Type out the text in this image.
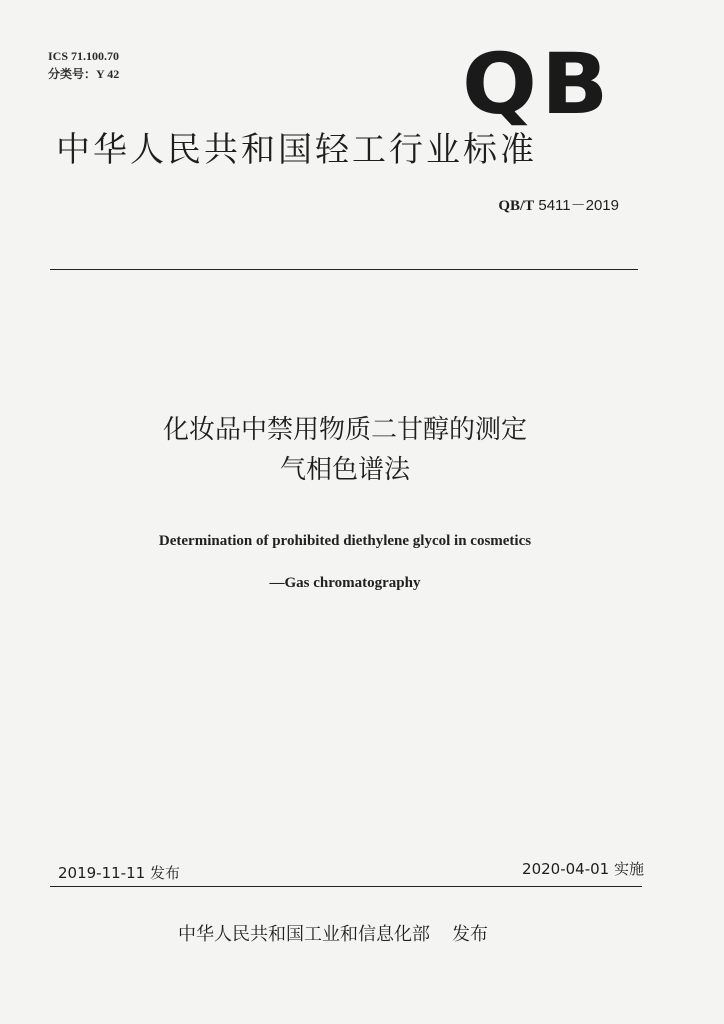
ICS 71.100.70
分类号：Y 42	QB
中华人民共和国轻工行业标准
QB/T 5411－2019
化妆品中禁用物质二甘醇的测定
气相色谱法
Determination of prohibited diethylene glycol in cosmetics
—Gas chromatography
2019-11-11 发布	2020-04-01 实施
中华人民共和国工业和信息化部 发布
